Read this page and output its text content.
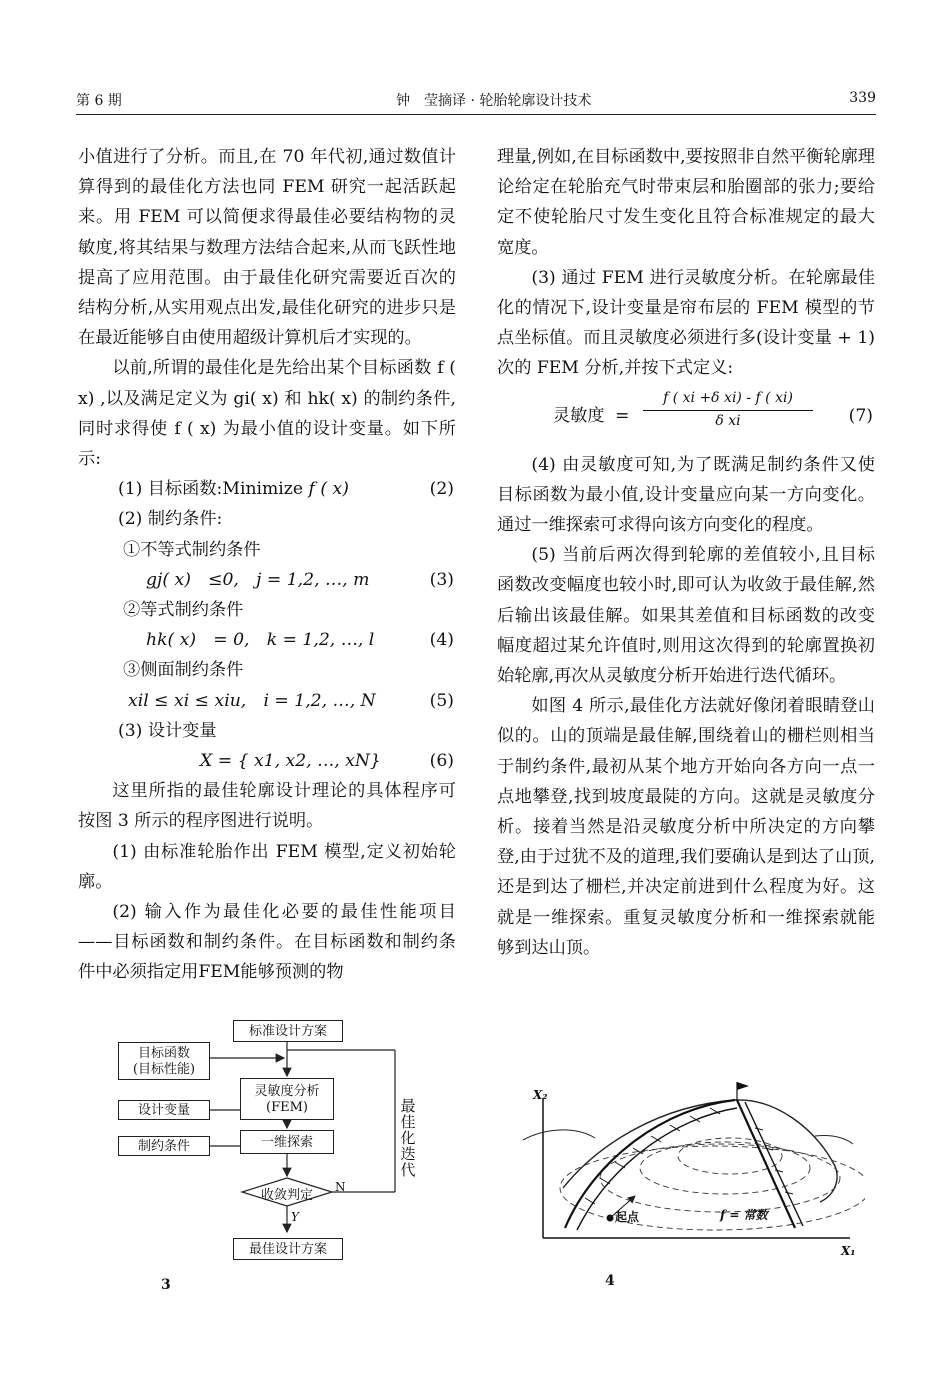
第 6 期	钟　莹摘译 · 轮胎轮廓设计技术	339

小值进行了分析。而且,在 70 年代初,通过数值计算得到的最佳化方法也同 FEM 研究一起活跃起来。用 FEM 可以简便求得最佳必要结构物的灵敏度,将其结果与数理方法结合起来,从而飞跃性地提高了应用范围。由于最佳化研究需要近百次的结构分析,从实用观点出发,最佳化研究的进步只是在最近能够自由使用超级计算机后才实现的。

以前,所谓的最佳化是先给出某个目标函数 f ( x) ,以及满足定义为 gi( x) 和 hk( x) 的制约条件,同时求得使 f ( x) 为最小值的设计变量。如下所示:

(1) 目标函数:Minimize f ( x)	(2)
(2) 制约条件:
①不等式制约条件
gj( x)　≤0,　j = 1,2, …, m	(3)
②等式制约条件
hk( x)　= 0,　k = 1,2, …, l	(4)
③侧面制约条件
xil ≤ xi ≤ xiu,　i = 1,2, …, N	(5)
(3) 设计变量
X = { x1, x2, …, xN}	(6)

这里所指的最佳轮廓设计理论的具体程序可按图 3 所示的程序图进行说明。

(1) 由标准轮胎作出 FEM 模型,定义初始轮廓。

(2) 输入作为最佳化必要的最佳性能项目 ——目标函数和制约条件。在目标函数和制约条件中必须指定用FEM能够预测的物

理量,例如,在目标函数中,要按照非自然平衡轮廓理论给定在轮胎充气时带束层和胎圈部的张力;要给定不使轮胎尺寸发生变化且符合标准规定的最大宽度。

(3) 通过 FEM 进行灵敏度分析。在轮廓最佳化的情况下,设计变量是帘布层的 FEM 模型的节点坐标值。而且灵敏度必须进行多(设计变量 + 1) 次的 FEM 分析,并按下式定义:

灵敏度 = $\frac{\text{f ( xi +δ xi) - f ( xi)}}{\text{δ xi}} (7)$

(4) 由灵敏度可知,为了既满足制约条件又使目标函数为最小值,设计变量应向某一方向变化。通过一维探索可求得向该方向变化的程度。

(5) 当前后两次得到轮廓的差值较小,且目标函数改变幅度也较小时,即可认为收敛于最佳解,然后输出该最佳解。如果其差值和目标函数的改变幅度超过某允许值时,则用这次得到的轮廓置换初始轮廓,再次从灵敏度分析开始进行迭代循环。

如图 4 所示,最佳化方法就好像闭着眼睛登山似的。山的顶端是最佳解,围绕着山的栅栏则相当于制约条件,最初从某个地方开始向各方向一点一点地攀登,找到坡度最陡的方向。这就是灵敏度分析。接着当然是沿灵敏度分析中所决定的方向攀登,由于过犹不及的道理,我们要确认是到达了山顶,还是到达了栅栏,并决定前进到什么程度为好。这就是一维探索。重复灵敏度分析和一维探索就能够到达山顶。

标准设计方案
目标函数
(目标性能)
设计变量
制约条件
灵敏度分析
(FEM)
一维探索
收敛判定
N
Y
最佳化迭代
最佳设计方案
3
X₂
X₁
起点	f = 常数
4
